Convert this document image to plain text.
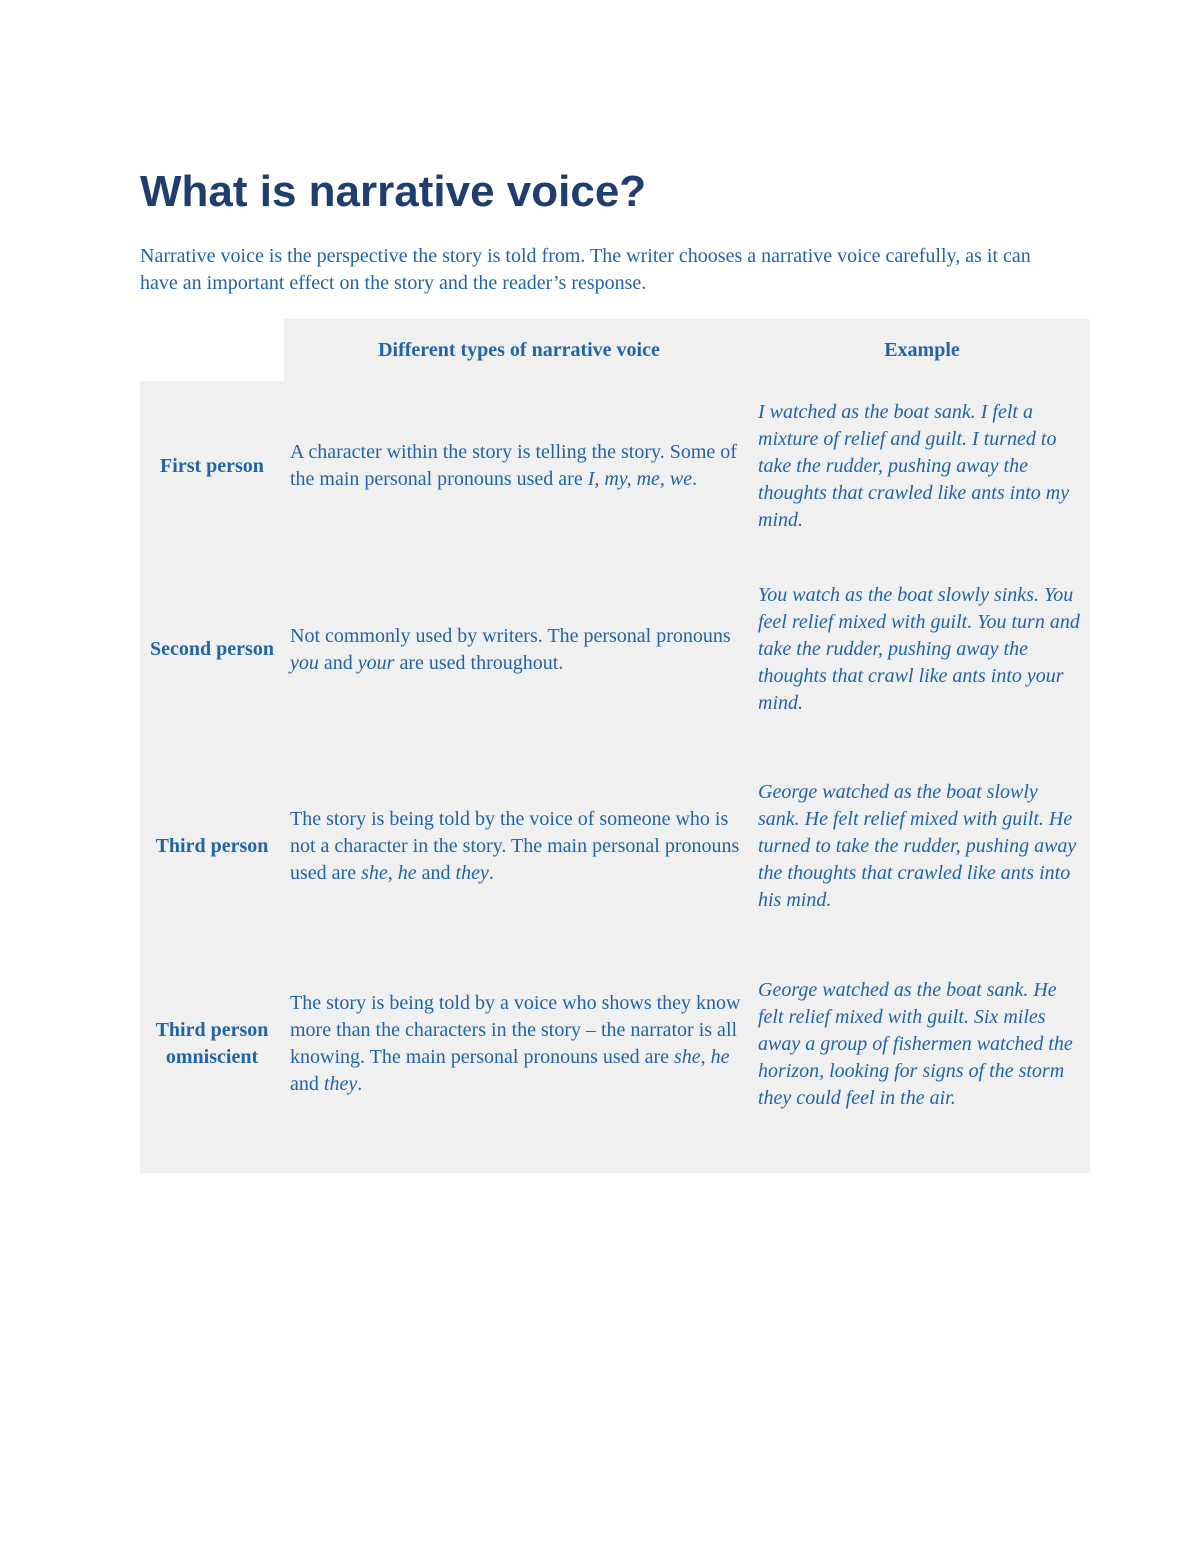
What is narrative voice?

Narrative voice is the perspective the story is told from. The writer chooses a narrative voice carefully, as it can have an important effect on the story and the reader’s response.

	Different types of narrative voice	Example
First person	A character within the story is telling the story. Some of the main personal pronouns used are I, my, me, we.	I watched as the boat sank. I felt a mixture of relief and guilt. I turned to take the rudder, pushing away the thoughts that crawled like ants into my mind.
Second person	Not commonly used by writers. The personal pronouns you and your are used throughout.	You watch as the boat slowly sinks. You feel relief mixed with guilt. You turn and take the rudder, pushing away the thoughts that crawl like ants into your mind.
Third person	The story is being told by the voice of someone who is not a character in the story. The main personal pronouns used are she, he and they.	George watched as the boat slowly sank. He felt relief mixed with guilt. He turned to take the rudder, pushing away the thoughts that crawled like ants into his mind.
Third person omniscient	The story is being told by a voice who shows they know more than the characters in the story – the narrator is all knowing. The main personal pronouns used are she, he and they.	George watched as the boat sank. He felt relief mixed with guilt. Six miles away a group of fishermen watched the horizon, looking for signs of the storm they could feel in the air.
